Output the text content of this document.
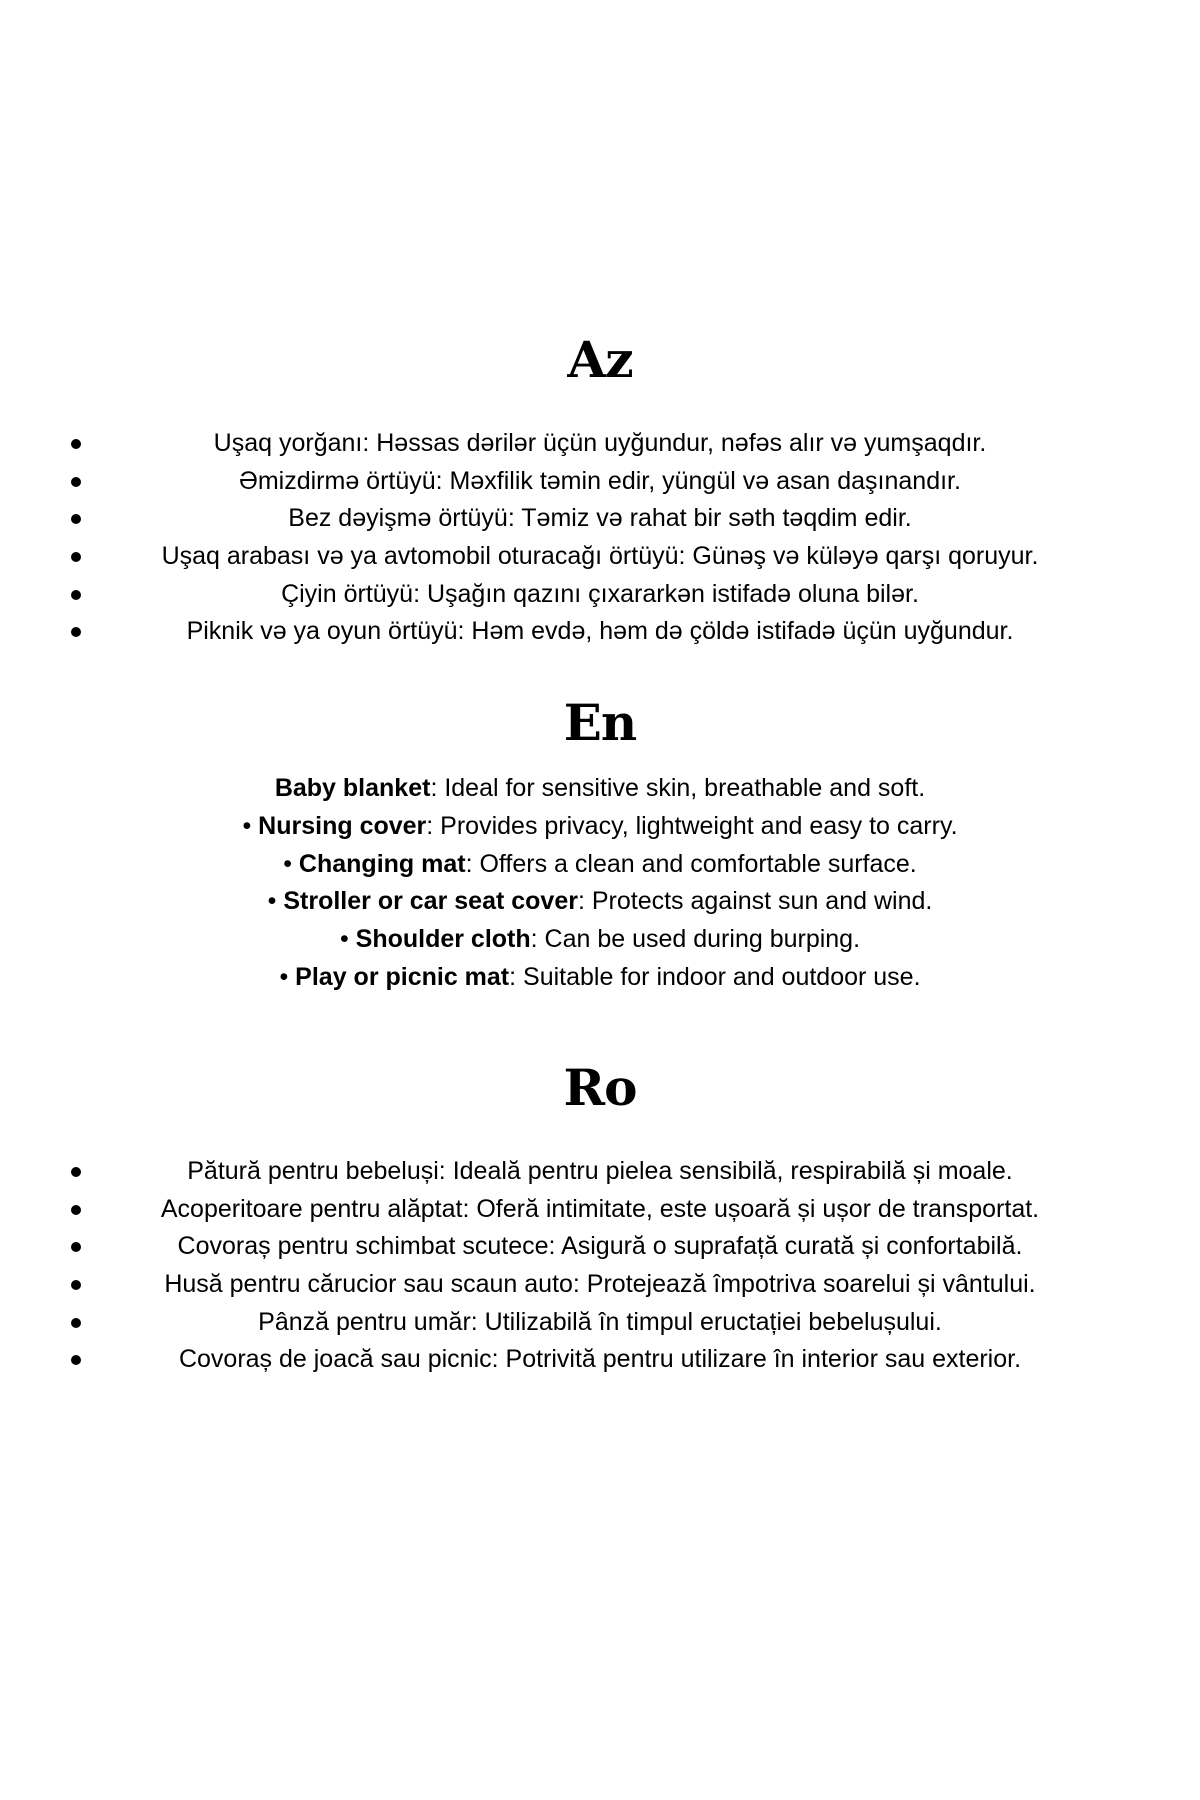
Az
Uşaq yorğanı: Həssas dərilər üçün uyğundur, nəfəs alır və yumşaqdır.
Əmizdirmə örtüyü: Məxfilik təmin edir, yüngül və asan daşınandır.
Bez dəyişmə örtüyü: Təmiz və rahat bir səth təqdim edir.
Uşaq arabası və ya avtomobil oturacağı örtüyü: Günəş və küləyə qarşı qoruyur.
Çiyin örtüyü: Uşağın qazını çıxararkən istifadə oluna bilər.
Piknik və ya oyun örtüyü: Həm evdə, həm də çöldə istifadə üçün uyğundur.
En
Baby blanket: Ideal for sensitive skin, breathable and soft.
• Nursing cover: Provides privacy, lightweight and easy to carry.
• Changing mat: Offers a clean and comfortable surface.
• Stroller or car seat cover: Protects against sun and wind.
• Shoulder cloth: Can be used during burping.
• Play or picnic mat: Suitable for indoor and outdoor use.
Ro
Pătură pentru bebeluși: Ideală pentru pielea sensibilă, respirabilă și moale.
Acoperitoare pentru alăptat: Oferă intimitate, este ușoară și ușor de transportat.
Covoraș pentru schimbat scutece: Asigură o suprafață curată și confortabilă.
Husă pentru cărucior sau scaun auto: Protejează împotriva soarelui și vântului.
Pânză pentru umăr: Utilizabilă în timpul eructației bebelușului.
Covoraș de joacă sau picnic: Potrivită pentru utilizare în interior sau exterior.
